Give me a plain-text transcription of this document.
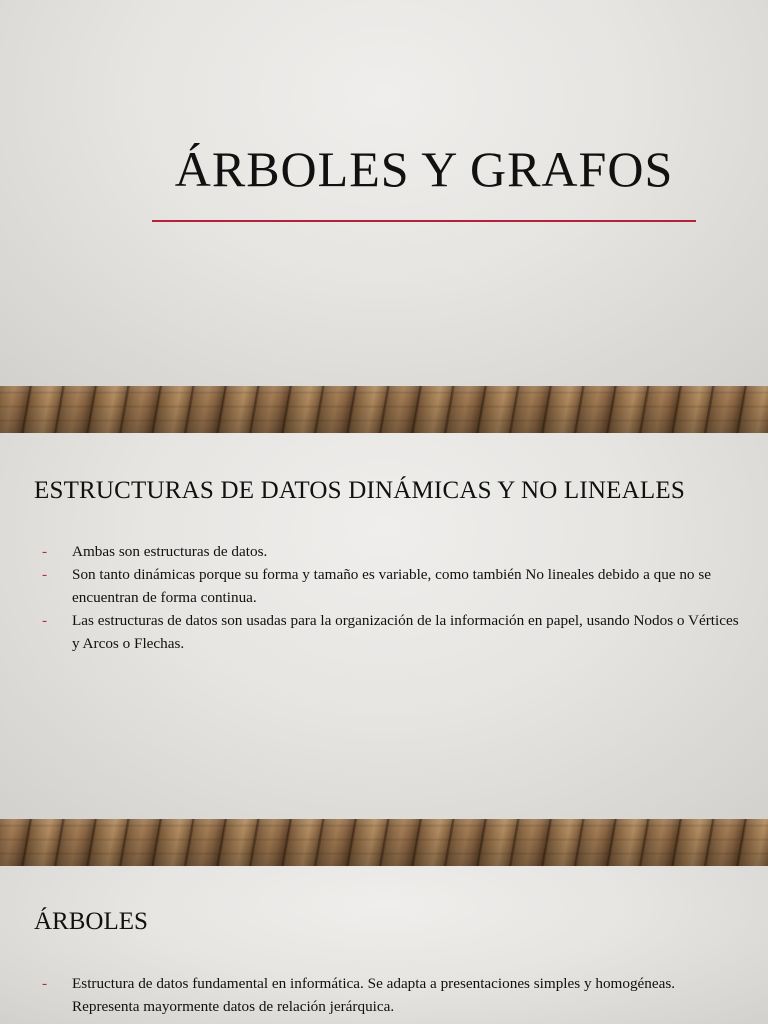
ÁRBOLES Y GRAFOS
ESTRUCTURAS DE DATOS DINÁMICAS Y NO LINEALES
- Ambas son estructuras de datos.
- Son tanto dinámicas porque su forma y tamaño es variable, como también No lineales debido a que no se encuentran de forma continua.
- Las estructuras de datos son usadas para la organización de la información en papel, usando Nodos o Vértices y Arcos o Flechas.
ÁRBOLES
- Estructura de datos fundamental en informática. Se adapta a presentaciones simples y homogéneas. Representa mayormente datos de relación jerárquica.
